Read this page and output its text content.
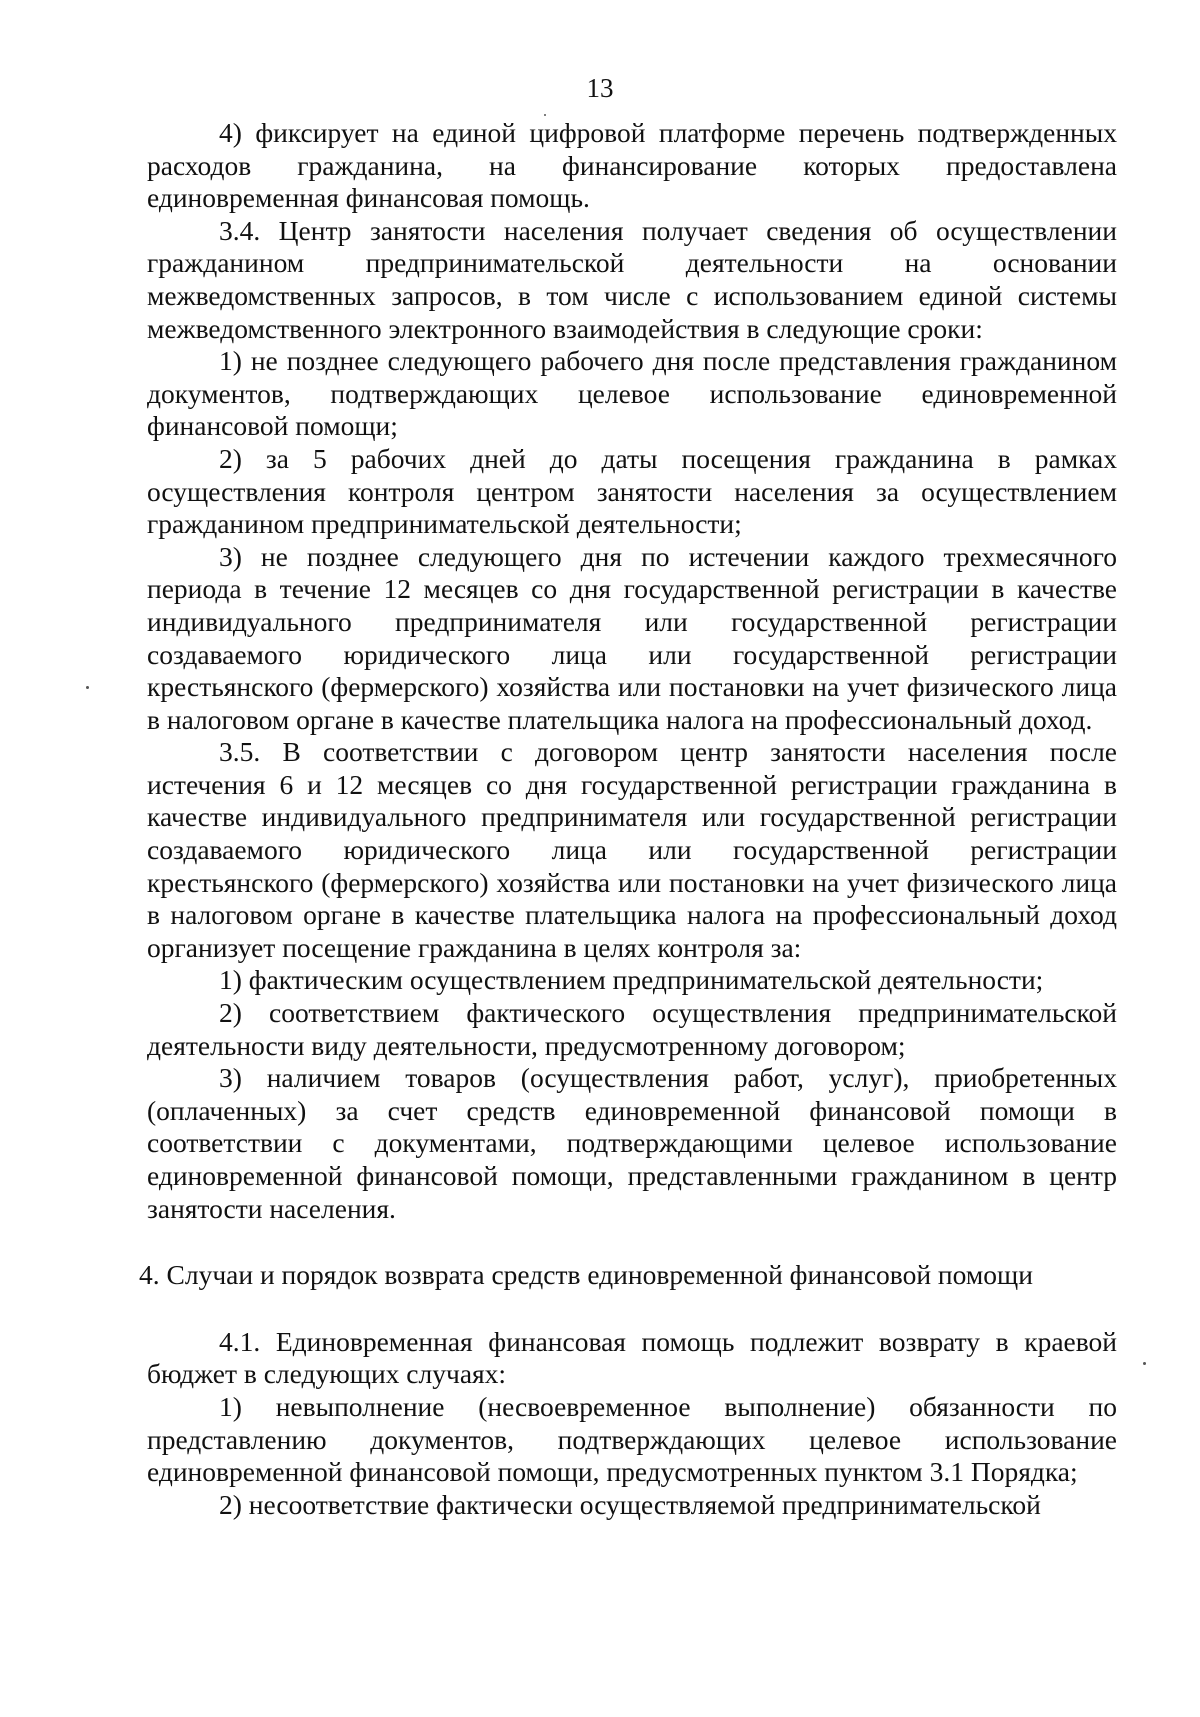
13

4) фиксирует на единой цифровой платформе перечень подтвержденных расходов гражданина, на финансирование которых предоставлена единовременная финансовая помощь.

3.4. Центр занятости населения получает сведения об осуществлении гражданином предпринимательской деятельности на основании межведомственных запросов, в том числе с использованием единой системы межведомственного электронного взаимодействия в следующие сроки:

1) не позднее следующего рабочего дня после представления гражданином документов, подтверждающих целевое использование единовременной финансовой помощи;

2) за 5 рабочих дней до даты посещения гражданина в рамках осуществления контроля центром занятости населения за осуществлением гражданином предпринимательской деятельности;

3) не позднее следующего дня по истечении каждого трехмесячного периода в течение 12 месяцев со дня государственной регистрации в качестве индивидуального предпринимателя или государственной регистрации создаваемого юридического лица или государственной регистрации крестьянского (фермерского) хозяйства или постановки на учет физического лица в налоговом органе в качестве плательщика налога на профессиональный доход.

3.5. В соответствии с договором центр занятости населения после истечения 6 и 12 месяцев со дня государственной регистрации гражданина в качестве индивидуального предпринимателя или государственной регистрации создаваемого юридического лица или государственной регистрации крестьянского (фермерского) хозяйства или постановки на учет физического лица в налоговом органе в качестве плательщика налога на профессиональный доход организует посещение гражданина в целях контроля за:

1) фактическим осуществлением предпринимательской деятельности;

2) соответствием фактического осуществления предпринимательской деятельности виду деятельности, предусмотренному договором;

3) наличием товаров (осуществления работ, услуг), приобретенных (оплаченных) за счет средств единовременной финансовой помощи в соответствии с документами, подтверждающими целевое использование единовременной финансовой помощи, представленными гражданином в центр занятости населения.

4. Случаи и порядок возврата средств единовременной финансовой помощи

4.1. Единовременная финансовая помощь подлежит возврату в краевой бюджет в следующих случаях:

1) невыполнение (несвоевременное выполнение) обязанности по представлению документов, подтверждающих целевое использование единовременной финансовой помощи, предусмотренных пунктом 3.1 Порядка;

2) несоответствие фактически осуществляемой предпринимательской
